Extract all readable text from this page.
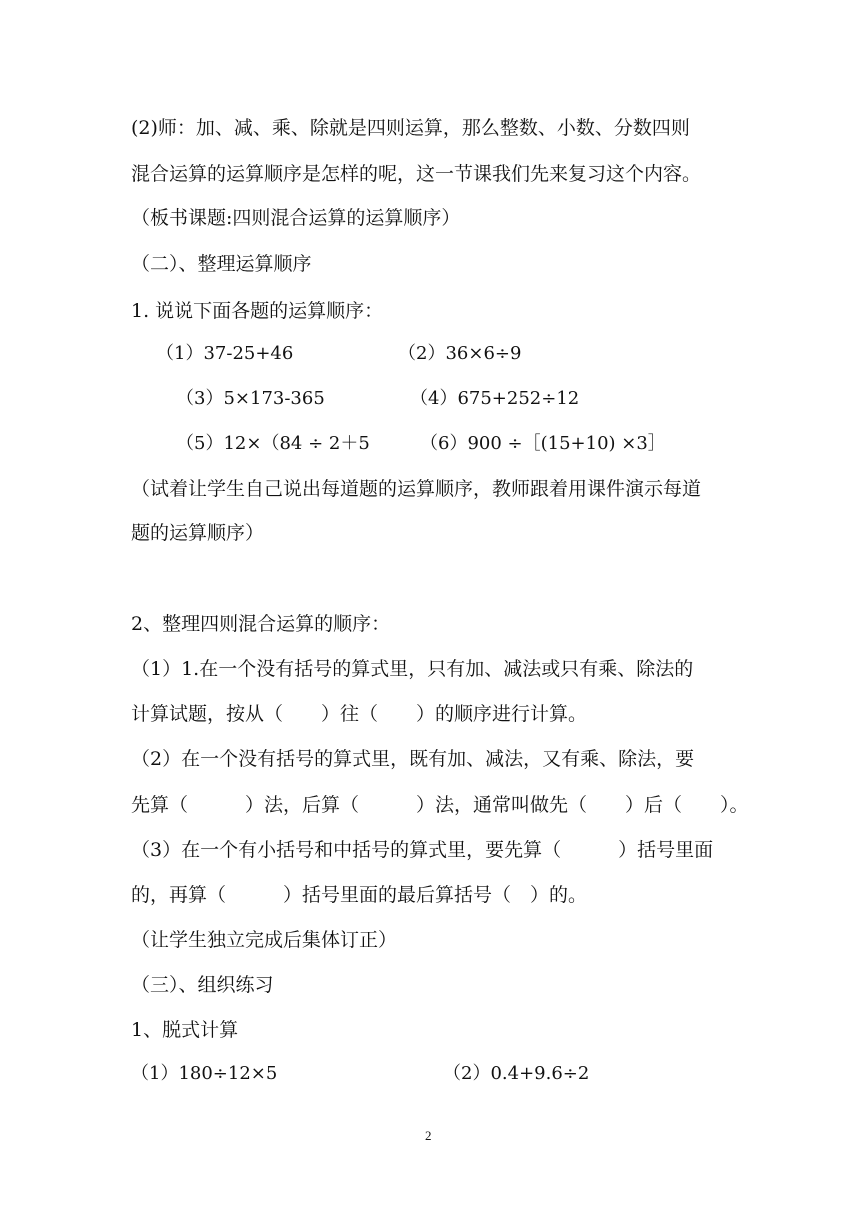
(2)师：加、减、乘、除就是四则运算，那么整数、小数、分数四则
混合运算的运算顺序是怎样的呢，这一节课我们先来复习这个内容。
（板书课题:四则混合运算的运算顺序）
（二）、整理运算顺序
1. 说说下面各题的运算顺序：
（1）37-25+46	（2）36×6÷9
（3）5×173-365	（4）675+252÷12
（5）12×（84 ÷ 2＋5	（6）900 ÷［(15+10) ×3］
（试着让学生自己说出每道题的运算顺序，教师跟着用课件演示每道
题的运算顺序）
2、整理四则混合运算的顺序：
（1）1.在一个没有括号的算式里，只有加、减法或只有乘、除法的
计算试题，按从（　　）往（　　）的顺序进行计算。
（2）在一个没有括号的算式里，既有加、减法，又有乘、除法，要
先算（　　　）法，后算（　　　）法，通常叫做先（　　）后（　　）。
（3）在一个有小括号和中括号的算式里，要先算（　　　）括号里面
的，再算（　　　）括号里面的最后算括号（　）的。
（让学生独立完成后集体订正）
（三）、组织练习
1、脱式计算
（1）180÷12×5	（2）0.4+9.6÷2
2
